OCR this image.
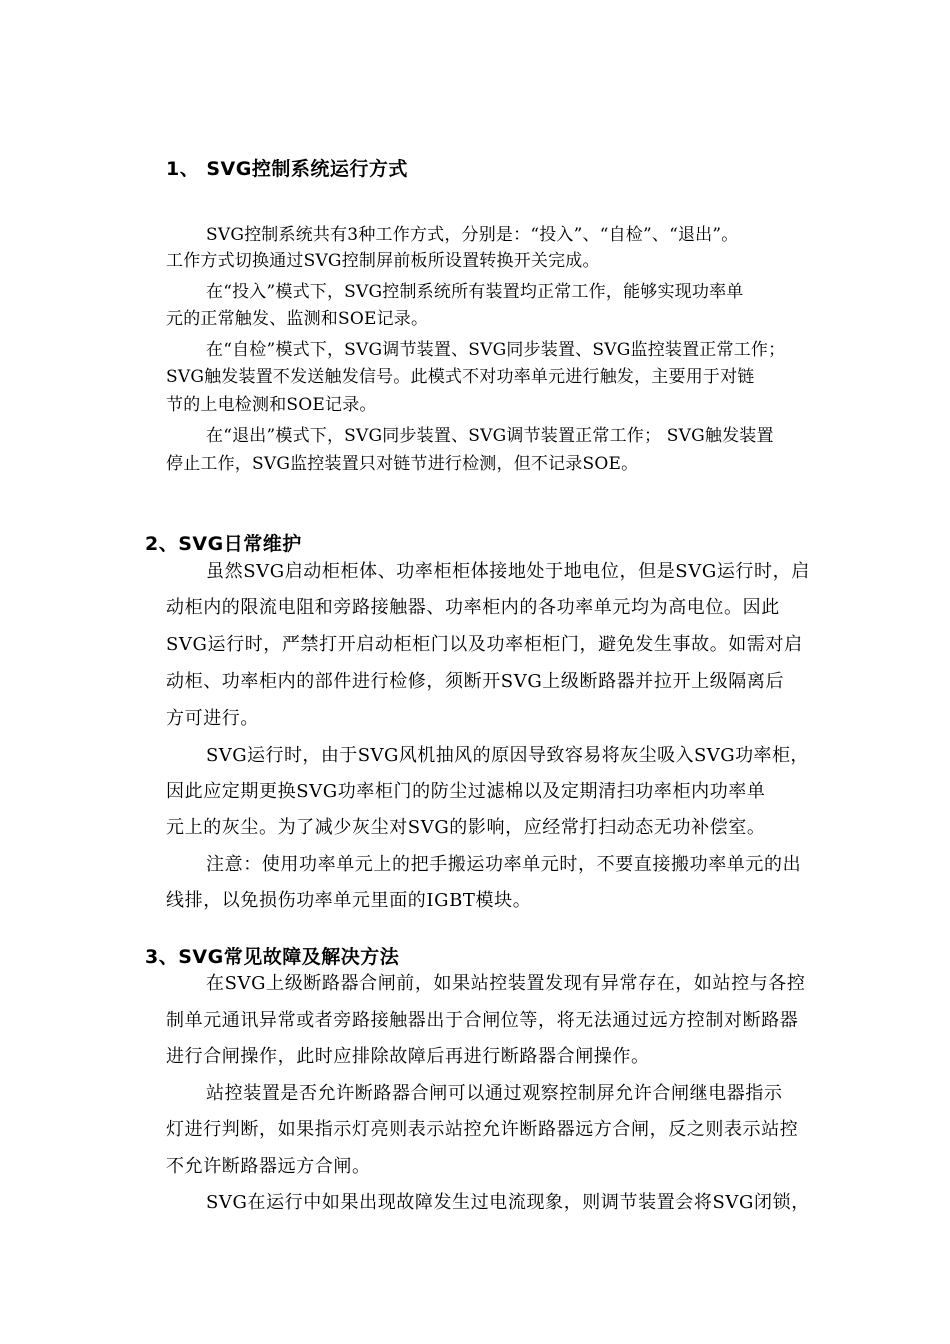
1、 SVG控制系统运行方式
SVG控制系统共有3种工作方式，分别是：“投入”、“自检”、“退出”。
工作方式切换通过SVG控制屏前板所设置转换开关完成。
在“投入”模式下，SVG控制系统所有装置均正常工作，能够实现功率单
元的正常触发、监测和SOE记录。
在“自检”模式下，SVG调节装置、SVG同步装置、SVG监控装置正常工作；
SVG触发装置不发送触发信号。此模式不对功率单元进行触发，主要用于对链
节的上电检测和SOE记录。
在“退出”模式下，SVG同步装置、SVG调节装置正常工作； SVG触发装置
停止工作，SVG监控装置只对链节进行检测，但不记录SOE。
2、SVG日常维护
虽然SVG启动柜柜体、功率柜柜体接地处于地电位，但是SVG运行时，启
动柜内的限流电阻和旁路接触器、功率柜内的各功率单元均为高电位。因此
SVG运行时，严禁打开启动柜柜门以及功率柜柜门，避免发生事故。如需对启
动柜、功率柜内的部件进行检修，须断开SVG上级断路器并拉开上级隔离后
方可进行。
SVG运行时，由于SVG风机抽风的原因导致容易将灰尘吸入SVG功率柜，
因此应定期更换SVG功率柜门的防尘过滤棉以及定期清扫功率柜内功率单
元上的灰尘。为了减少灰尘对SVG的影响，应经常打扫动态无功补偿室。
注意：使用功率单元上的把手搬运功率单元时，不要直接搬功率单元的出
线排，以免损伤功率单元里面的IGBT模块。
3、SVG常见故障及解决方法
在SVG上级断路器合闸前，如果站控装置发现有异常存在，如站控与各控
制单元通讯异常或者旁路接触器出于合闸位等，将无法通过远方控制对断路器
进行合闸操作，此时应排除故障后再进行断路器合闸操作。
站控装置是否允许断路器合闸可以通过观察控制屏允许合闸继电器指示
灯进行判断，如果指示灯亮则表示站控允许断路器远方合闸，反之则表示站控
不允许断路器远方合闸。
SVG在运行中如果出现故障发生过电流现象，则调节装置会将SVG闭锁，
